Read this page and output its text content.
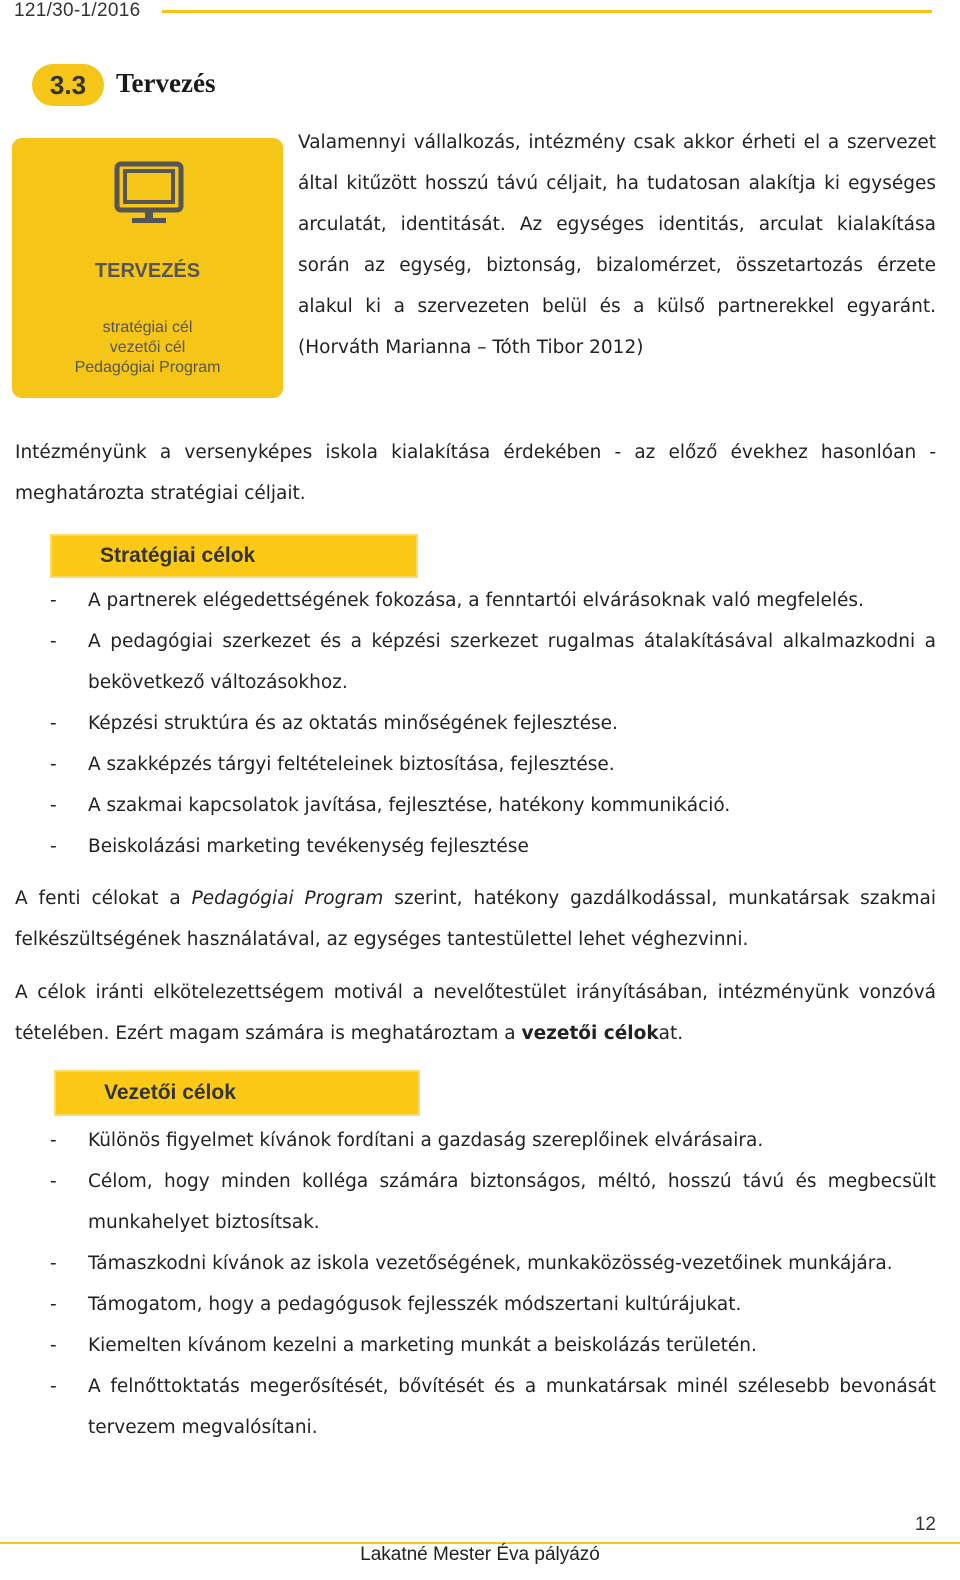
121/30-1/2016
3.3	Tervezés
TERVEZÉS
stratégiai cél
vezetői cél
Pedagógiai Program

Valamennyi vállalkozás, intézmény csak akkor érheti el a szervezet által kitűzött hosszú távú céljait, ha tudatosan alakítja ki egységes arculatát, identitását. Az egységes identitás, arculat kialakítása során az egység, biztonság, bizalomérzet, összetartozás érzete alakul ki a szervezeten belül és a külső partnerekkel egyaránt. (Horváth Marianna – Tóth Tibor 2012)

Intézményünk a versenyképes iskola kialakítása érdekében - az előző évekhez hasonlóan - meghatározta stratégiai céljait.

Stratégiai célok
- A partnerek elégedettségének fokozása, a fenntartói elvárásoknak való megfelelés.
- A pedagógiai szerkezet és a képzési szerkezet rugalmas átalakításával alkalmazkodni a bekövetkező változásokhoz.
- Képzési struktúra és az oktatás minőségének fejlesztése.
- A szakképzés tárgyi feltételeinek biztosítása, fejlesztése.
- A szakmai kapcsolatok javítása, fejlesztése, hatékony kommunikáció.
- Beiskolázási marketing tevékenység fejlesztése

A fenti célokat a Pedagógiai Program szerint, hatékony gazdálkodással, munkatársak szakmai felkészültségének használatával, az egységes tantestülettel lehet véghezvinni.

A célok iránti elkötelezettségem motivál a nevelőtestület irányításában, intézményünk vonzóvá tételében. Ezért magam számára is meghatároztam a vezetői célokat.

Vezetői célok
- Különös figyelmet kívánok fordítani a gazdaság szereplőinek elvárásaira.
- Célom, hogy minden kolléga számára biztonságos, méltó, hosszú távú és megbecsült munkahelyet biztosítsak.
- Támaszkodni kívánok az iskola vezetőségének, munkaközösség-vezetőinek munkájára.
- Támogatom, hogy a pedagógusok fejlesszék módszertani kultúrájukat.
- Kiemelten kívánom kezelni a marketing munkát a beiskolázás területén.
- A felnőttoktatás megerősítését, bővítését és a munkatársak minél szélesebb bevonását tervezem megvalósítani.
12
Lakatné Mester Éva pályázó
